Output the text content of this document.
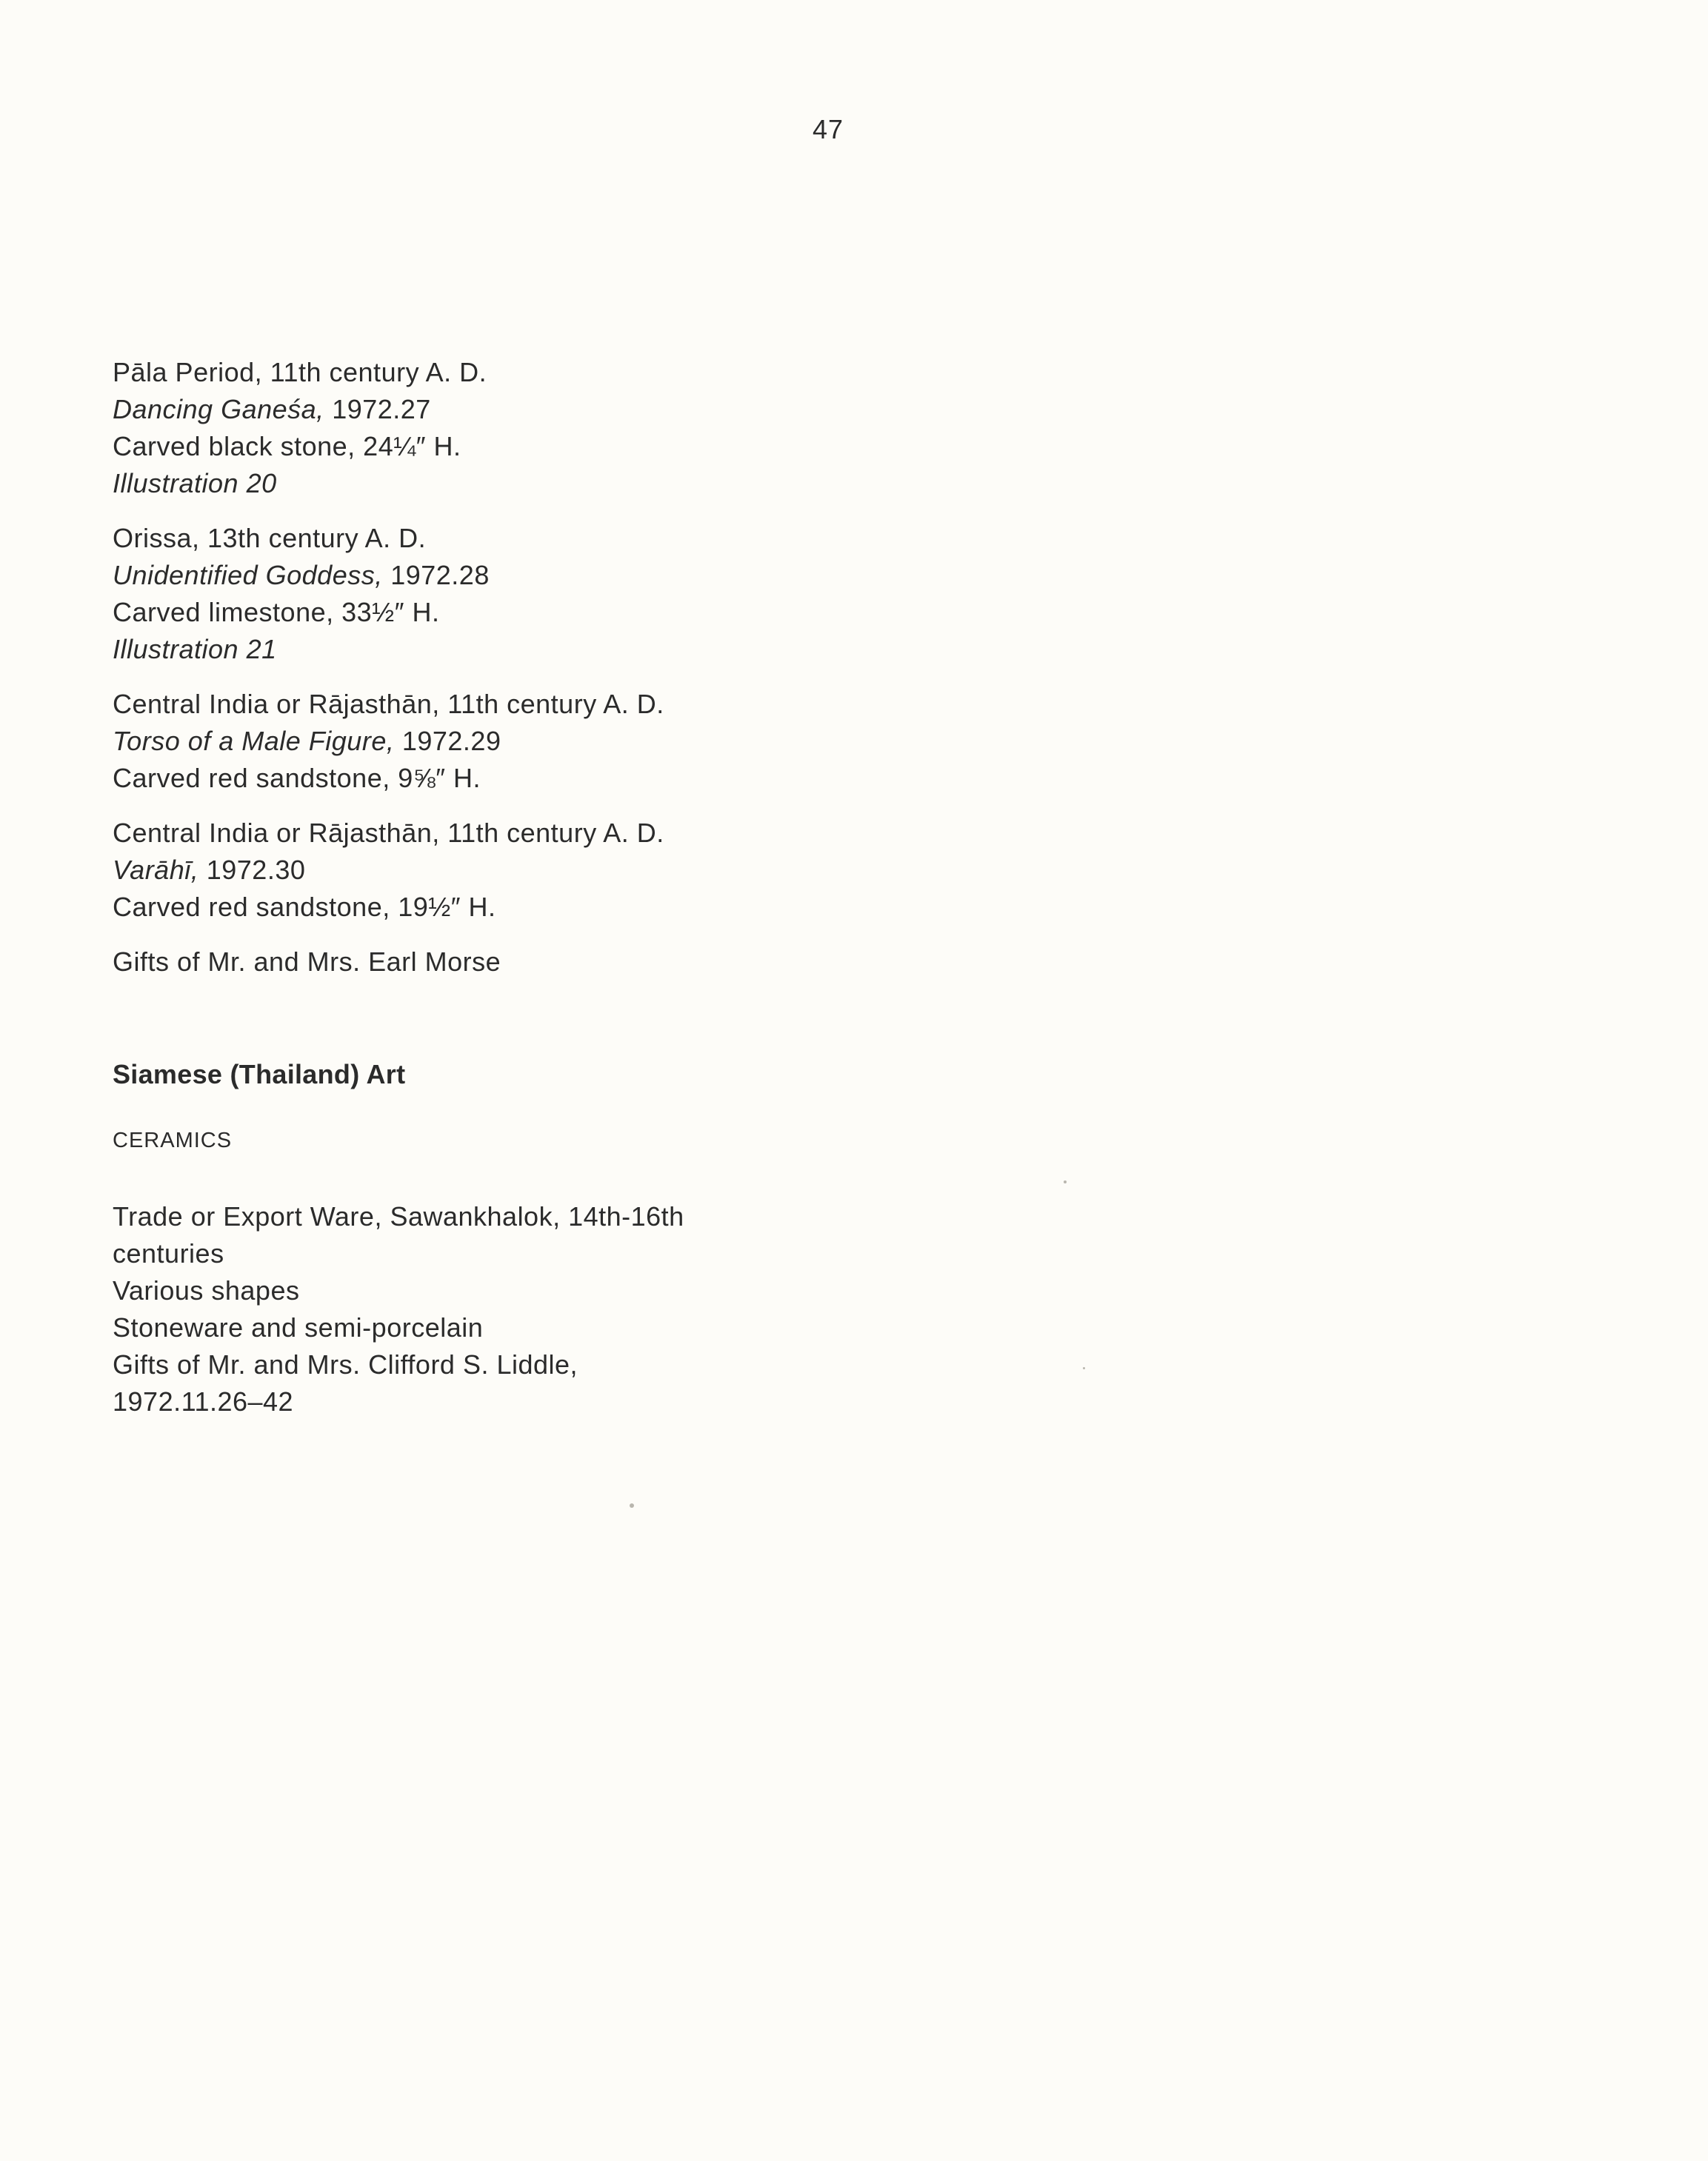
47
Pāla Period, 11th century A. D.
Dancing Ganeśa, 1972.27
Carved black stone, 24¼″ H.
Illustration 20
Orissa, 13th century A. D.
Unidentified Goddess, 1972.28
Carved limestone, 33½″ H.
Illustration 21
Central India or Rājasthān, 11th century A. D.
Torso of a Male Figure, 1972.29
Carved red sandstone, 9⅝″ H.
Central India or Rājasthān, 11th century A. D.
Varāhī, 1972.30
Carved red sandstone, 19½″ H.
Gifts of Mr. and Mrs. Earl Morse
Siamese (Thailand) Art
CERAMICS
Trade or Export Ware, Sawankhalok, 14th-16th
centuries
Various shapes
Stoneware and semi-porcelain
Gifts of Mr. and Mrs. Clifford S. Liddle,
1972.11.26–42
